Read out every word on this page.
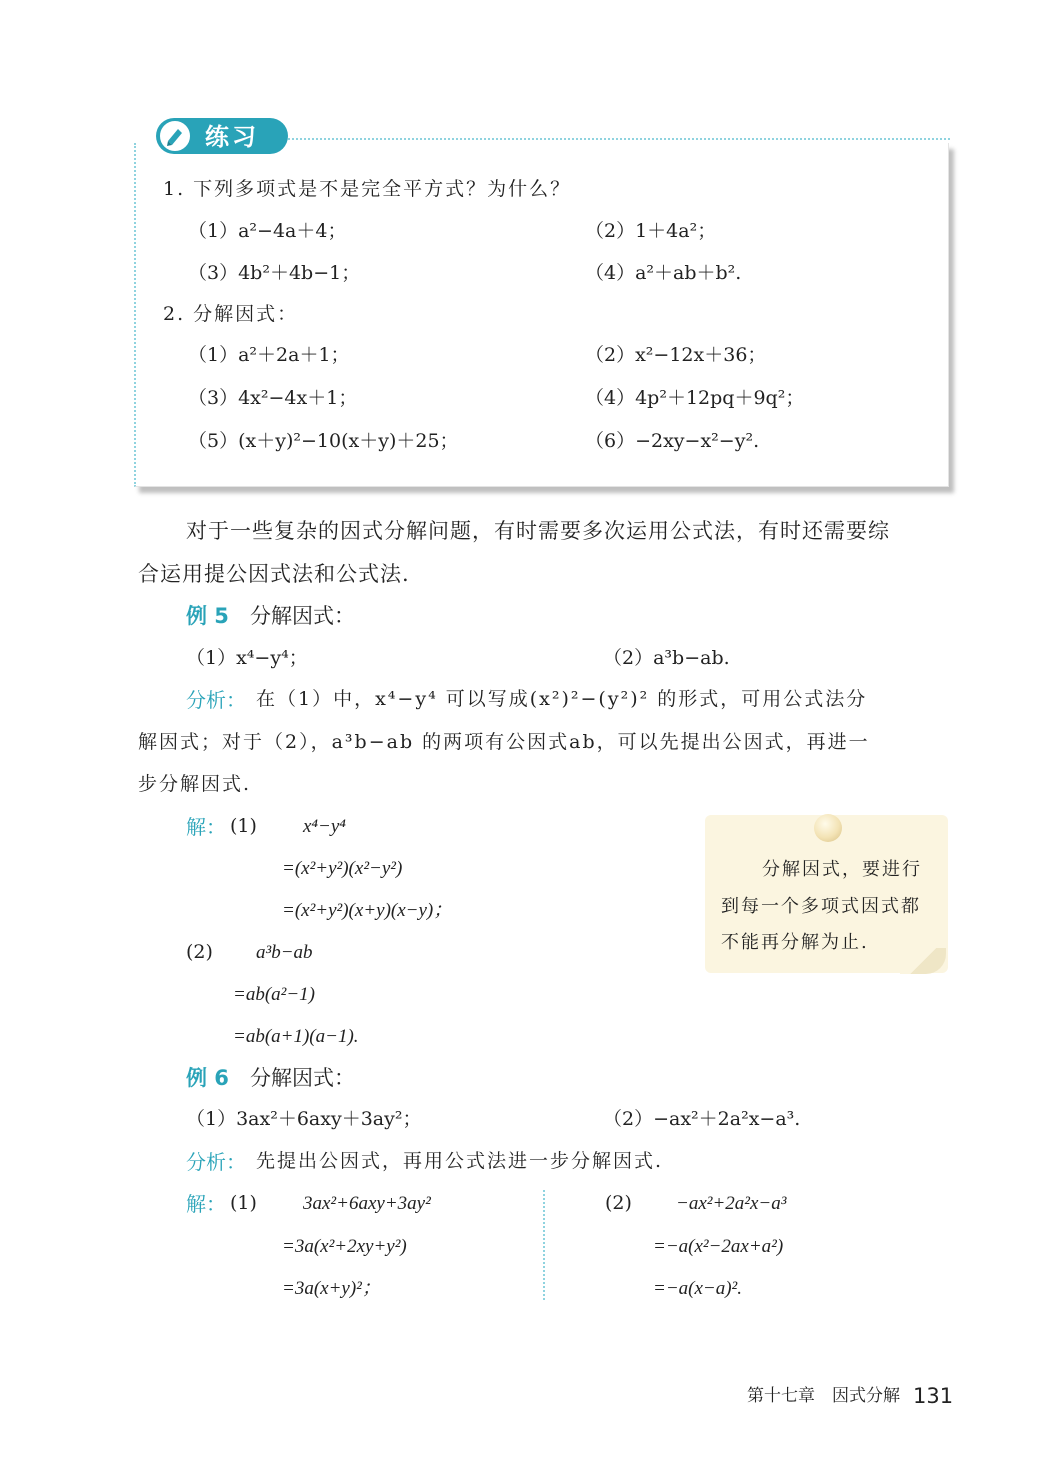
练习
1. 下列多项式是不是完全平方式？为什么？
（1）a²−4a＋4；	（2）1＋4a²；
（3）4b²＋4b−1；	（4）a²＋ab＋b².
2. 分解因式：
（1）a²＋2a＋1；	（2）x²−12x＋36；
（3）4x²−4x＋1；	（4）4p²＋12pq＋9q²；
（5）(x＋y)²−10(x＋y)＋25；	（6）−2xy−x²−y².
对于一些复杂的因式分解问题，有时需要多次运用公式法，有时还需要综
合运用提公因式法和公式法.
例 5 分解因式：
（1）x⁴−y⁴；	（2）a³b−ab.
分析： 在（1）中，x⁴−y⁴ 可以写成(x²)²−(y²)² 的形式，可用公式法分
解因式；对于（2），a³b−ab 的两项有公因式ab，可以先提出公因式，再进一
步分解因式.
解： (1) x⁴−y⁴
=(x²+y²)(x²−y²)
=(x²+y²)(x+y)(x−y)；
(2) a³b−ab
=ab(a²−1)
=ab(a+1)(a−1).
分解因式，要进行
到每一个多项式因式都
不能再分解为止.
例 6 分解因式：
（1）3ax²＋6axy＋3ay²；	（2）−ax²＋2a²x−a³.
分析： 先提出公因式，再用公式法进一步分解因式.
解： (1) 3ax²+6axy+3ay²
=3a(x²+2xy+y²)
=3a(x+y)²；
(2) −ax²+2a²x−a³
=−a(x²−2ax+a²)
=−a(x−a)².
第十七章　因式分解 131
